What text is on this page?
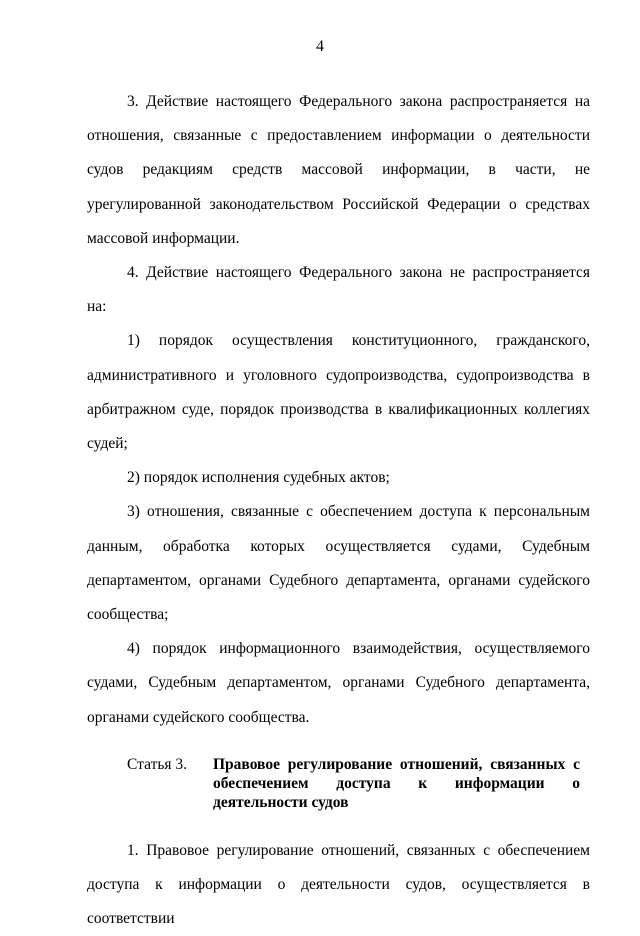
4

3. Действие настоящего Федерального закона распространяется на отношения, связанные с предоставлением информации о деятельности судов редакциям средств массовой информации, в части, не урегулированной законодательством Российской Федерации о средствах массовой информации.

4. Действие настоящего Федерального закона не распространяется на:

1) порядок осуществления конституционного, гражданского, административного и уголовного судопроизводства, судопроизводства в арбитражном суде, порядок производства в квалификационных коллегиях судей;

2) порядок исполнения судебных актов;

3) отношения, связанные с обеспечением доступа к персональным данным, обработка которых осуществляется судами, Судебным департаментом, органами Судебного департамента, органами судейского сообщества;

4) порядок информационного взаимодействия, осуществляемого судами, Судебным департаментом, органами Судебного департамента, органами судейского сообщества.

Статья 3.	Правовое регулирование отношений, связанных с обеспечением доступа к информации о деятельности судов

1. Правовое регулирование отношений, связанных с обеспечением доступа к информации о деятельности судов, осуществляется в соответствии
